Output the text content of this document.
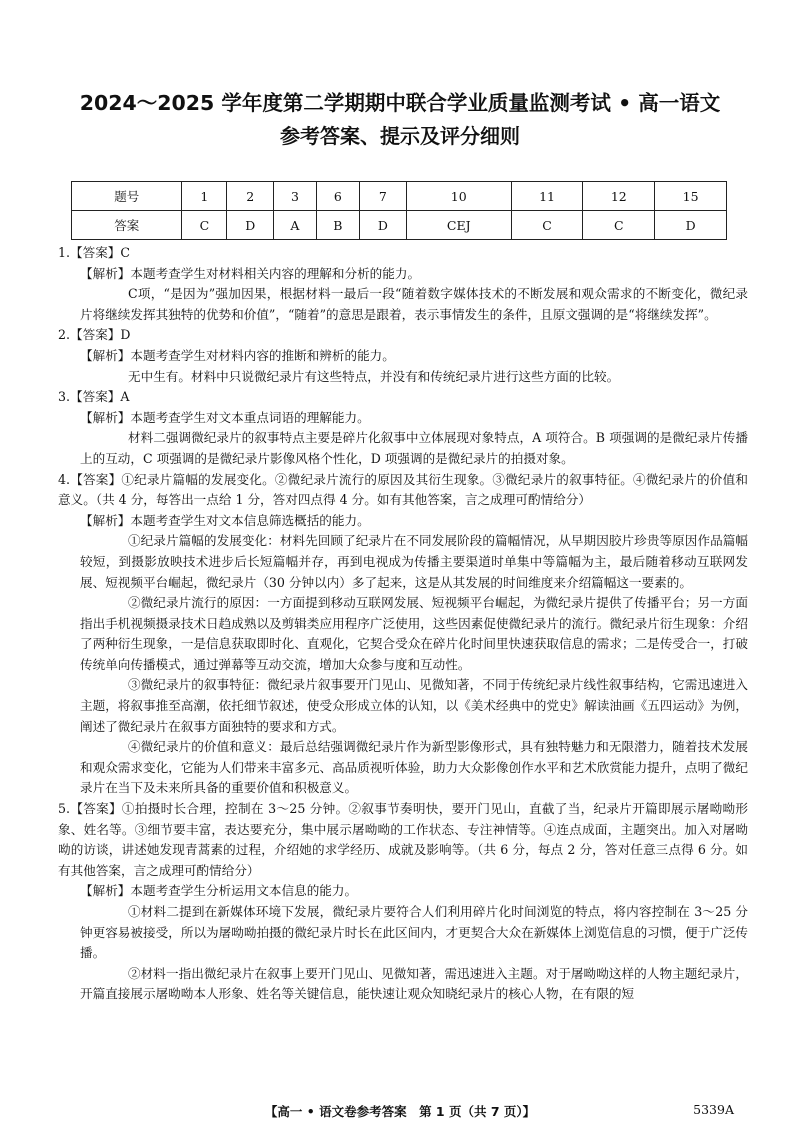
2024～2025 学年度第二学期期中联合学业质量监测考试 • 高一语文
参考答案、提示及评分细则
题号	1	2	3	6	7	10	11	12	15
答案	C	D	A	B	D	CEJ	C	C	D

1.【答案】C

【解析】本题考查学生对材料相关内容的理解和分析的能力。

C项，“是因为”强加因果，根据材料一最后一段“随着数字媒体技术的不断发展和观众需求的不断变化，微纪录片将继续发挥其独特的优势和价值”，“随着”的意思是跟着，表示事情发生的条件，且原文强调的是“将继续发挥”。

2.【答案】D

【解析】本题考查学生对材料内容的推断和辨析的能力。

无中生有。材料中只说微纪录片有这些特点，并没有和传统纪录片进行这些方面的比较。

3.【答案】A

【解析】本题考查学生对文本重点词语的理解能力。

材料二强调微纪录片的叙事特点主要是碎片化叙事中立体展现对象特点，A 项符合。B 项强调的是微纪录片传播上的互动，C 项强调的是微纪录片影像风格个性化，D 项强调的是微纪录片的拍摄对象。

4.【答案】①纪录片篇幅的发展变化。②微纪录片流行的原因及其衍生现象。③微纪录片的叙事特征。④微纪录片的价值和意义。（共 4 分，每答出一点给 1 分，答对四点得 4 分。如有其他答案，言之成理可酌情给分）

【解析】本题考查学生对文本信息筛选概括的能力。

①纪录片篇幅的发展变化：材料先回顾了纪录片在不同发展阶段的篇幅情况，从早期因胶片珍贵等原因作品篇幅较短，到摄影放映技术进步后长短篇幅并存，再到电视成为传播主要渠道时单集中等篇幅为主，最后随着移动互联网发展、短视频平台崛起，微纪录片（30 分钟以内）多了起来，这是从其发展的时间维度来介绍篇幅这一要素的。

②微纪录片流行的原因：一方面提到移动互联网发展、短视频平台崛起，为微纪录片提供了传播平台；另一方面指出手机视频摄录技术日趋成熟以及剪辑类应用程序广泛使用，这些因素促使微纪录片的流行。微纪录片衍生现象：介绍了两种衍生现象，一是信息获取即时化、直观化，它契合受众在碎片化时间里快速获取信息的需求；二是传受合一，打破传统单向传播模式，通过弹幕等互动交流，增加大众参与度和互动性。

③微纪录片的叙事特征：微纪录片叙事要开门见山、见微知著，不同于传统纪录片线性叙事结构，它需迅速进入主题，将叙事推至高潮，依托细节叙述，使受众形成立体的认知，以《美术经典中的党史》解读油画《五四运动》为例，阐述了微纪录片在叙事方面独特的要求和方式。

④微纪录片的价值和意义：最后总结强调微纪录片作为新型影像形式，具有独特魅力和无限潜力，随着技术发展和观众需求变化，它能为人们带来丰富多元、高品质视听体验，助力大众影像创作水平和艺术欣赏能力提升，点明了微纪录片在当下及未来所具备的重要价值和积极意义。

5.【答案】①拍摄时长合理，控制在 3～25 分钟。②叙事节奏明快，要开门见山，直截了当，纪录片开篇即展示屠呦呦形象、姓名等。③细节要丰富，表达要充分，集中展示屠呦呦的工作状态、专注神情等。④连点成面，主题突出。加入对屠呦呦的访谈，讲述她发现青蒿素的过程，介绍她的求学经历、成就及影响等。（共 6 分，每点 2 分，答对任意三点得 6 分。如有其他答案，言之成理可酌情给分）

【解析】本题考查学生分析运用文本信息的能力。

①材料二提到在新媒体环境下发展，微纪录片要符合人们利用碎片化时间浏览的特点，将内容控制在 3～25 分钟更容易被接受，所以为屠呦呦拍摄的微纪录片时长在此区间内，才更契合大众在新媒体上浏览信息的习惯，便于广泛传播。

②材料一指出微纪录片在叙事上要开门见山、见微知著，需迅速进入主题。对于屠呦呦这样的人物主题纪录片，开篇直接展示屠呦呦本人形象、姓名等关键信息，能快速让观众知晓纪录片的核心人物，在有限的短

【高一 • 语文卷参考答案　第 1 页（共 7 页）】	5339A
